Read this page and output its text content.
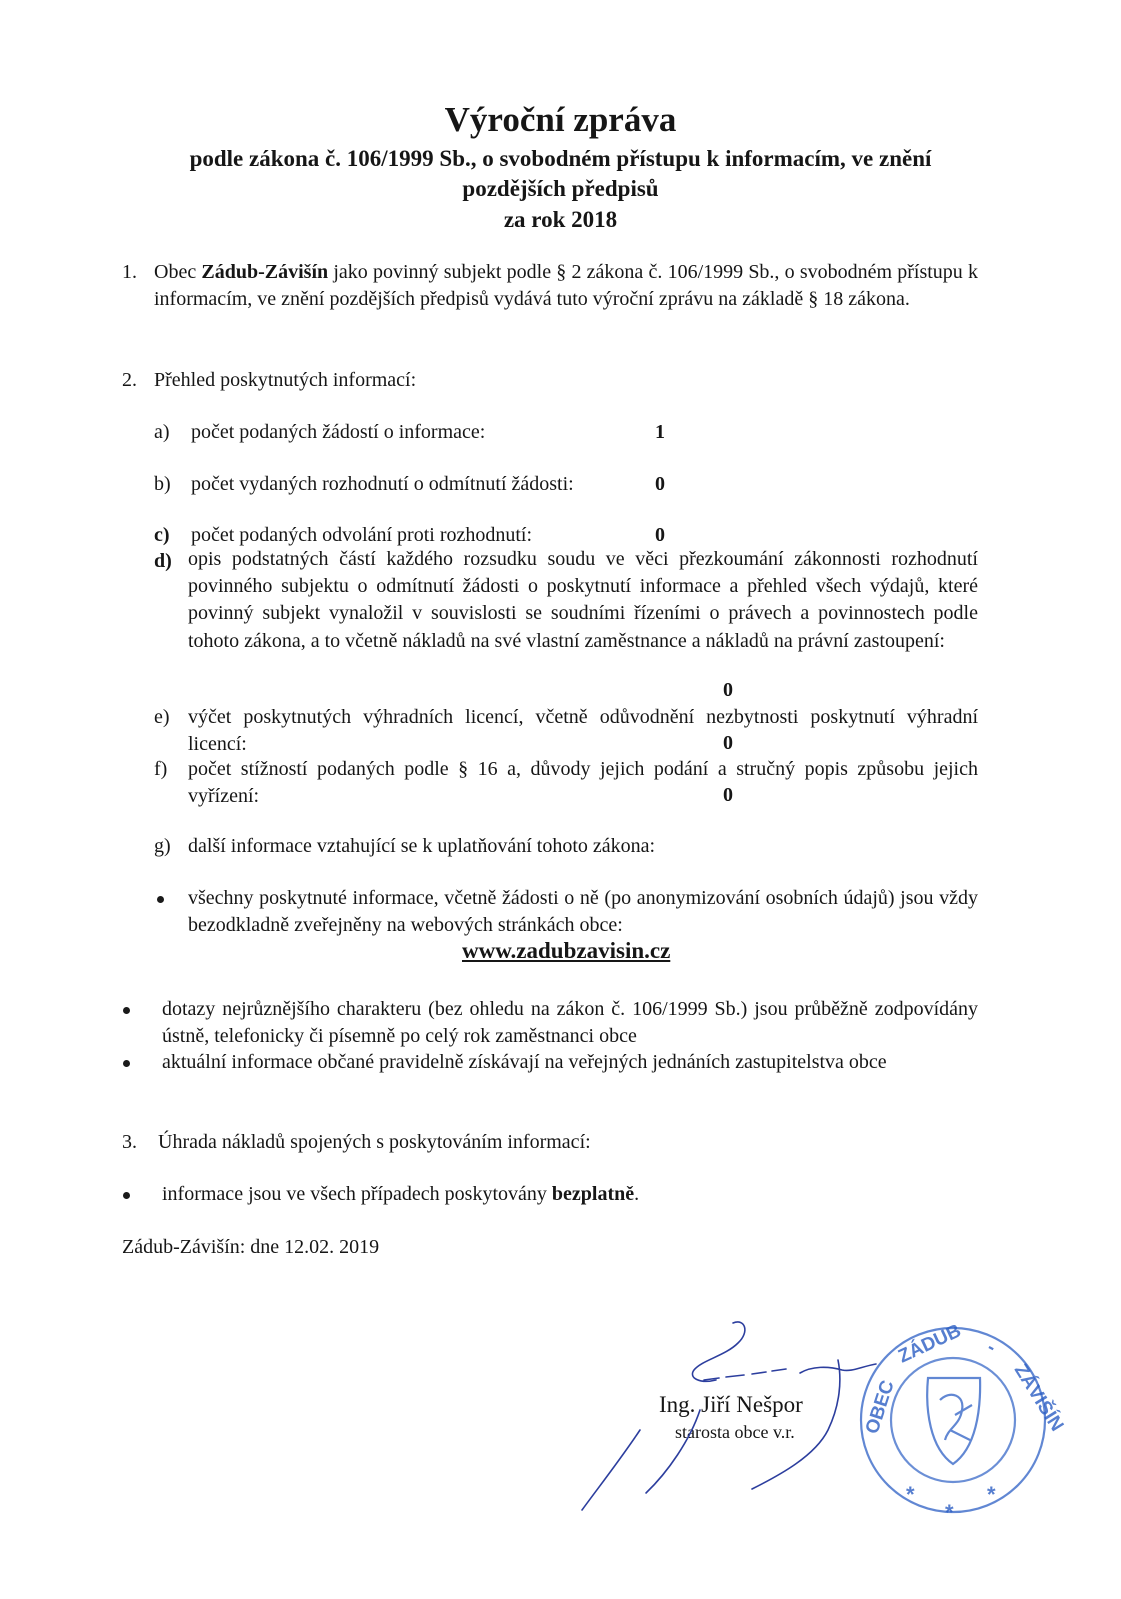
Výroční zpráva
podle zákona č. 106/1999 Sb., o svobodném přístupu k informacím, ve znění
pozdějších předpisů
za rok 2018
1. Obec Zádub-Závišín jako povinný subjekt podle § 2 zákona č. 106/1999 Sb., o svobodném přístupu k informacím, ve znění pozdějších předpisů vydává tuto výroční zprávu na základě § 18 zákona.
2. Přehled poskytnutých informací:
a) počet podaných žádostí o informace:	1
b) počet vydaných rozhodnutí o odmítnutí žádosti:	0
c) počet podaných odvolání proti rozhodnutí:	0
d) opis podstatných částí každého rozsudku soudu ve věci přezkoumání zákonnosti rozhodnutí povinného subjektu o odmítnutí žádosti o poskytnutí informace a přehled všech výdajů, které povinný subjekt vynaložil v souvislosti se soudními řízeními o právech a povinnostech podle tohoto zákona, a to včetně nákladů na své vlastní zaměstnance a nákladů na právní zastoupení:
0
e) výčet poskytnutých výhradních licencí, včetně odůvodnění nezbytnosti poskytnutí výhradní licencí:	0
f) počet stížností podaných podle § 16 a, důvody jejich podání a stručný popis způsobu jejich vyřízení:	0
g) další informace vztahující se k uplatňování tohoto zákona:
všechny poskytnuté informace, včetně žádosti o ně (po anonymizování osobních údajů) jsou vždy bezodkladně zveřejněny na webových stránkách obce:
www.zadubzavisin.cz
dotazy nejrůznějšího charakteru (bez ohledu na zákon č. 106/1999 Sb.) jsou průběžně zodpovídány ústně, telefonicky či písemně po celý rok zaměstnanci obce
aktuální informace občané pravidelně získávají na veřejných jednáních zastupitelstva obce
3. Úhrada nákladů spojených s poskytováním informací:
informace jsou ve všech případech poskytovány bezplatně.
Zádub-Závišín: dne 12.02. 2019
Ing. Jiří Nešpor
starosta obce v.r.	OBEC
ZÁDUB -
ZÁVIŠÍN
*
*
*
